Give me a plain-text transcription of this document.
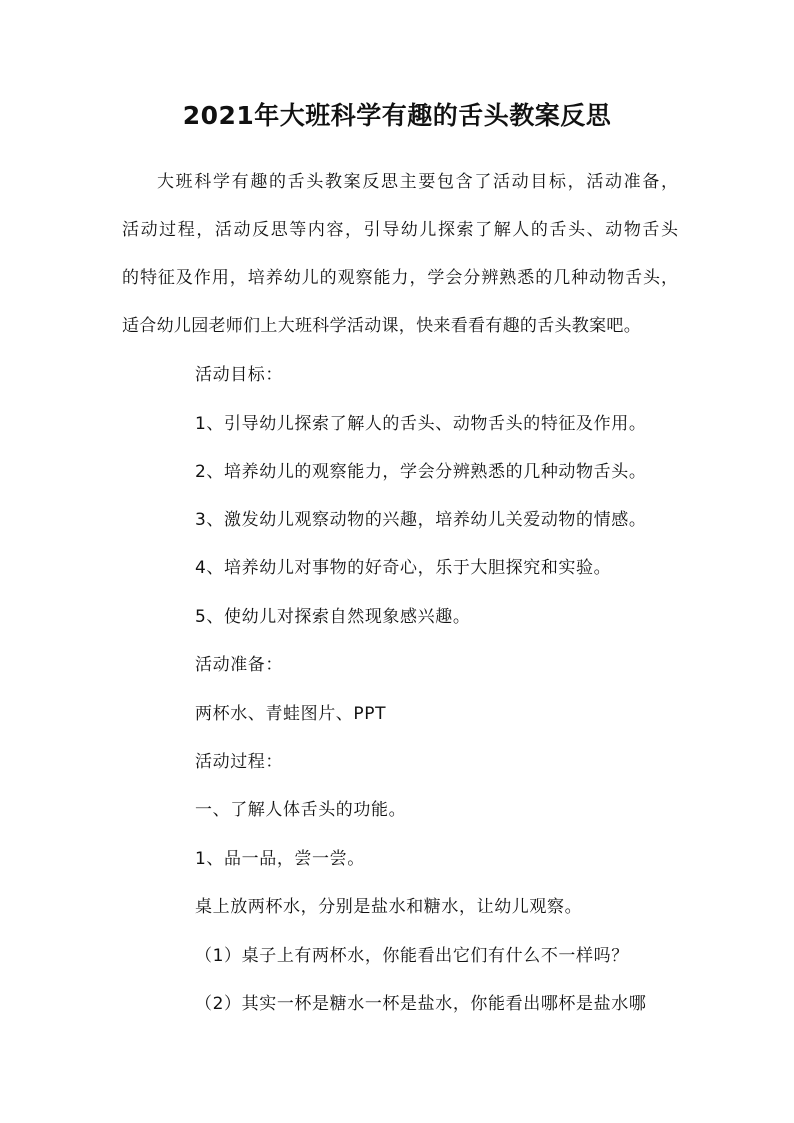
2021年大班科学有趣的舌头教案反思
大班科学有趣的舌头教案反思主要包含了活动目标，活动准备，
活动过程，活动反思等内容，引导幼儿探索了解人的舌头、动物舌头
的特征及作用，培养幼儿的观察能力，学会分辨熟悉的几种动物舌头，
适合幼儿园老师们上大班科学活动课，快来看看有趣的舌头教案吧。
活动目标：
1、引导幼儿探索了解人的舌头、动物舌头的特征及作用。
2、培养幼儿的观察能力，学会分辨熟悉的几种动物舌头。
3、激发幼儿观察动物的兴趣，培养幼儿关爱动物的情感。
4、培养幼儿对事物的好奇心，乐于大胆探究和实验。
5、使幼儿对探索自然现象感兴趣。
活动准备：
两杯水、青蛙图片、PPT
活动过程：
一、了解人体舌头的功能。
1、品一品，尝一尝。
桌上放两杯水，分别是盐水和糖水，让幼儿观察。
（1）桌子上有两杯水，你能看出它们有什么不一样吗？
（2）其实一杯是糖水一杯是盐水，你能看出哪杯是盐水哪
